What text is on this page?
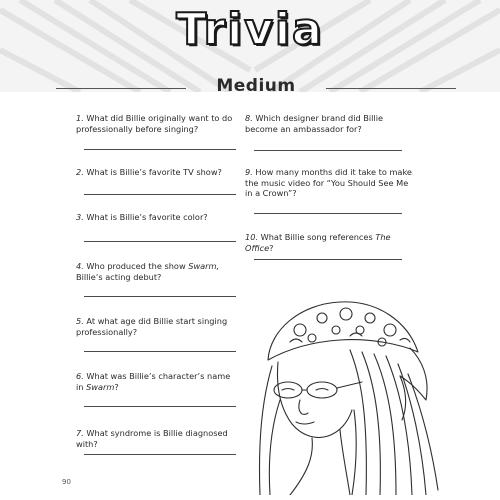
Trivia
Medium
1. What did Billie originally want to do professionally before singing?
2. What is Billie’s favorite TV show?
3. What is Billie’s favorite color?
4. Who produced the show Swarm, Billie’s acting debut?
5. At what age did Billie start singing professionally?
6. What was Billie’s character’s name in Swarm?
7. What syndrome is Billie diagnosed with?
8. Which designer brand did Billie become an ambassador for?
9. How many months did it take to make the music video for “You Should See Me in a Crown”?
10. What Billie song references The Office?
90
